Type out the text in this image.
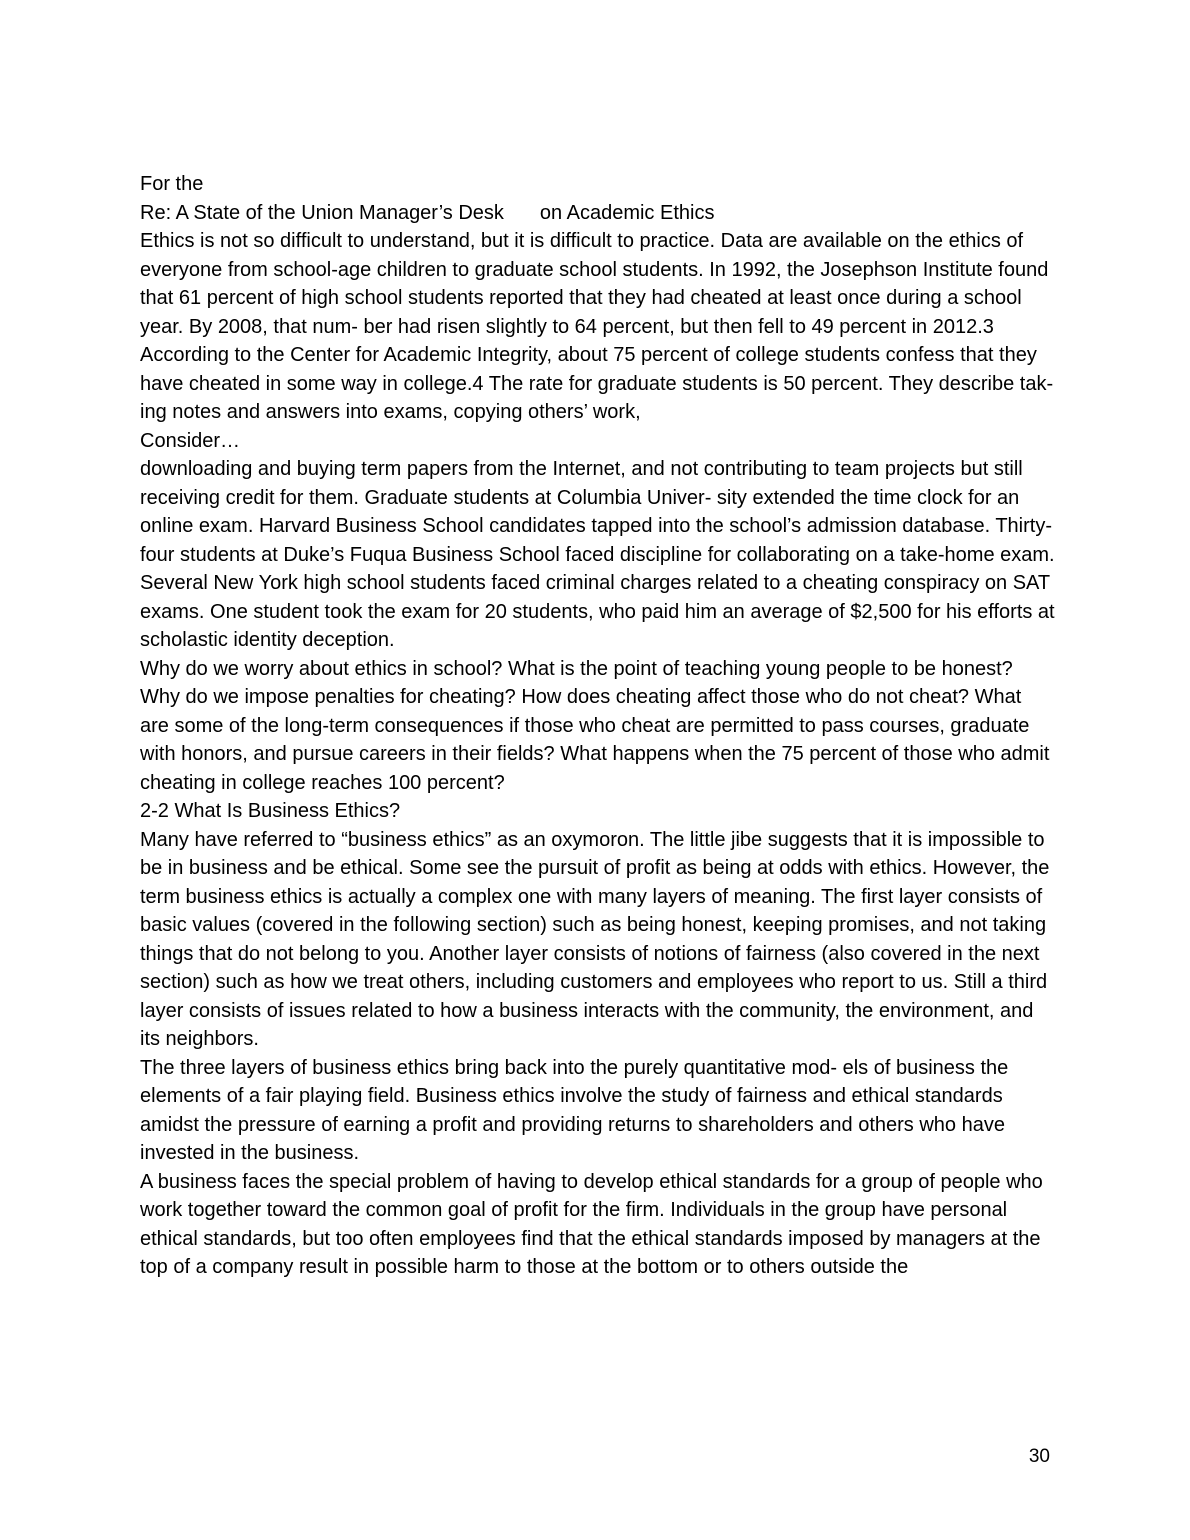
For the

Re: A State of the Union Manager’s Desk on Academic Ethics

Ethics is not so difficult to understand, but it is difficult to practice. Data are available on the ethics of everyone from school-age children to graduate school students. In 1992, the Josephson Institute found that 61 percent of high school students reported that they had cheated at least once during a school year. By 2008, that num- ber had risen slightly to 64 percent, but then fell to 49 percent in 2012.3 According to the Center for Academic Integrity, about 75 percent of college students confess that they have cheated in some way in college.4 The rate for graduate students is 50 percent. They describe tak- ing notes and answers into exams, copying others’ work,

Consider…

downloading and buying term papers from the Internet, and not contributing to team projects but still receiving credit for them. Graduate students at Columbia Univer- sity extended the time clock for an online exam. Harvard Business School candidates tapped into the school’s admission database. Thirty-four students at Duke’s Fuqua Business School faced discipline for collaborating on a take-home exam. Several New York high school students faced criminal charges related to a cheating conspiracy on SAT exams. One student took the exam for 20 students, who paid him an average of $2,500 for his efforts at scholastic identity deception.

Why do we worry about ethics in school? What is the point of teaching young people to be honest? Why do we impose penalties for cheating? How does cheating affect those who do not cheat? What are some of the long-term consequences if those who cheat are permitted to pass courses, graduate with honors, and pursue careers in their fields? What happens when the 75 percent of those who admit cheating in college reaches 100 percent?

2-2 What Is Business Ethics?

Many have referred to “business ethics” as an oxymoron. The little jibe suggests that it is impossible to be in business and be ethical. Some see the pursuit of profit as being at odds with ethics. However, the term business ethics is actually a complex one with many layers of meaning. The first layer consists of basic values (covered in the following section) such as being honest, keeping promises, and not taking things that do not belong to you. Another layer consists of notions of fairness (also covered in the next section) such as how we treat others, including customers and employees who report to us. Still a third layer consists of issues related to how a business interacts with the community, the environment, and its neighbors.

The three layers of business ethics bring back into the purely quantitative mod- els of business the elements of a fair playing field. Business ethics involve the study of fairness and ethical standards amidst the pressure of earning a profit and providing returns to shareholders and others who have invested in the business.

A business faces the special problem of having to develop ethical standards for a group of people who work together toward the common goal of profit for the firm. Individuals in the group have personal ethical standards, but too often employees find that the ethical standards imposed by managers at the top of a company result in possible harm to those at the bottom or to others outside the

30
